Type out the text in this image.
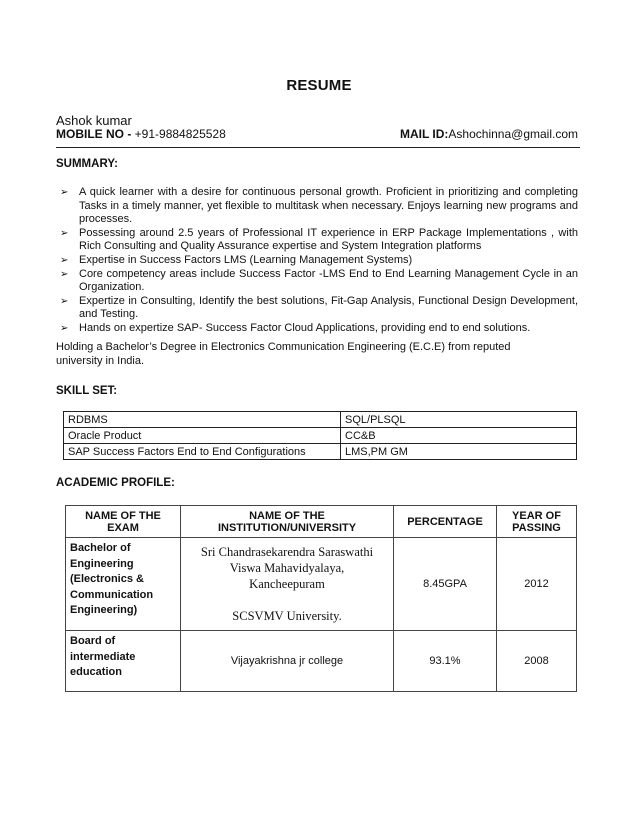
RESUME
Ashok kumar
MOBILE NO - +91-9884825528	MAIL ID:Ashochinna@gmail.com
SUMMARY:
➢ A quick learner with a desire for continuous personal growth. Proficient in prioritizing and completing Tasks in a timely manner, yet flexible to multitask when necessary. Enjoys learning new programs and processes.
➢ Possessing around 2.5 years of Professional IT experience in ERP Package Implementations , with Rich Consulting and Quality Assurance expertise and System Integration platforms
➢ Expertise in Success Factors LMS (Learning Management Systems)
➢ Core competency areas include Success Factor -LMS End to End Learning Management Cycle in an Organization.
➢ Expertize in Consulting, Identify the best solutions, Fit-Gap Analysis, Functional Design Development, and Testing.
➢ Hands on expertize SAP- Success Factor Cloud Applications, providing end to end solutions.
Holding a Bachelor’s Degree in Electronics Communication Engineering (E.C.E) from reputed university in India.
SKILL SET:
RDBMS	SQL/PLSQL
Oracle Product	CC&B
SAP Success Factors End to End Configurations	LMS,PM GM
ACADEMIC PROFILE:
NAME OF THE EXAM	NAME OF THE INSTITUTION/UNIVERSITY	PERCENTAGE	YEAR OF PASSING
Bachelor of Engineering (Electronics & Communication Engineering)	Sri Chandrasekarendra Saraswathi
Viswa Mahavidyalaya,
Kancheepuram
SCSVMV University.	8.45GPA	2012
Board of intermediate education	Vijayakrishna jr college	93.1%	2008
